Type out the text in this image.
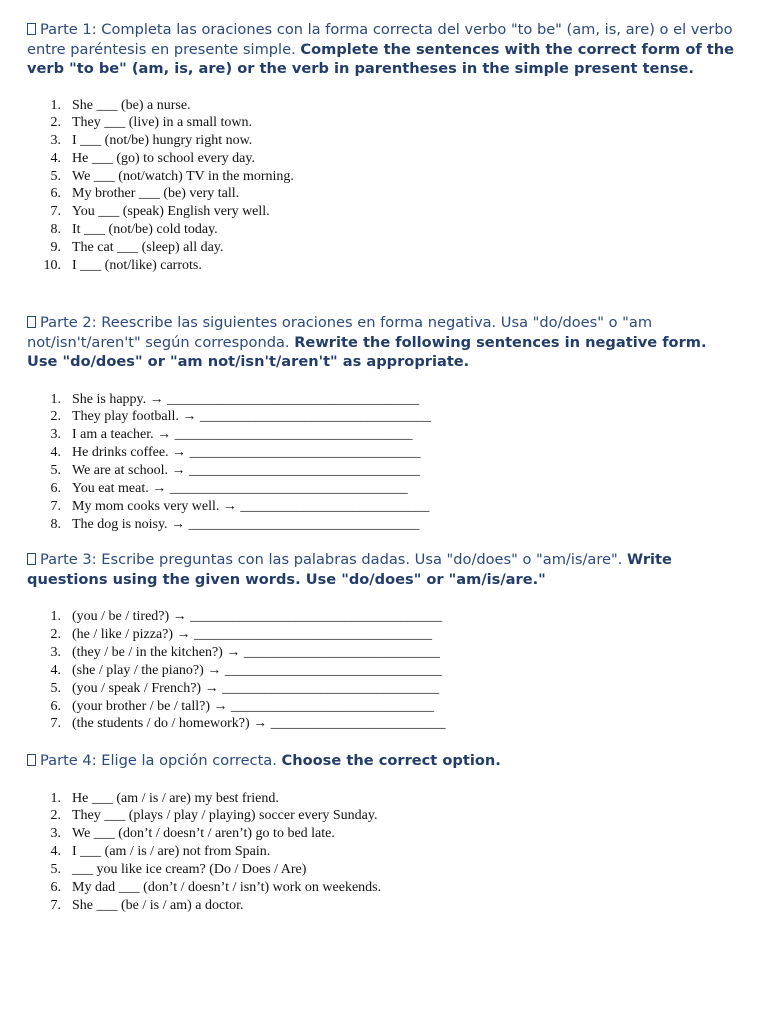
Parte 1: Completa las oraciones con la forma correcta del verbo "to be" (am, is, are) o el verbo entre paréntesis en presente simple. Complete the sentences with the correct form of the verb "to be" (am, is, are) or the verb in parentheses in the simple present tense.

1. She ___ (be) a nurse.
2. They ___ (live) in a small town.
3. I ___ (not/be) hungry right now.
4. He ___ (go) to school every day.
5. We ___ (not/watch) TV in the morning.
6. My brother ___ (be) very tall.
7. You ___ (speak) English very well.
8. It ___ (not/be) cold today.
9. The cat ___ (sleep) all day.
10. I ___ (not/like) carrots.

Parte 2: Reescribe las siguientes oraciones en forma negativa. Usa "do/does" o "am not/isn't/aren't" según corresponda. Rewrite the following sentences in negative form. Use "do/does" or "am not/isn't/aren't" as appropriate.

1. She is happy. → ____________________________________
2. They play football. → _________________________________
3. I am a teacher. → __________________________________
4. He drinks coffee. → _________________________________
5. We are at school. → _________________________________
6. You eat meat. → __________________________________
7. My mom cooks very well. → ___________________________
8. The dog is noisy. → _________________________________

Parte 3: Escribe preguntas con las palabras dadas. Usa "do/does" o "am/is/are". Write questions using the given words. Use "do/does" or "am/is/are."

1. (you / be / tired?) → ____________________________________
2. (he / like / pizza?) → __________________________________
3. (they / be / in the kitchen?) → ____________________________
4. (she / play / the piano?) → _______________________________
5. (you / speak / French?) → _______________________________
6. (your brother / be / tall?) → _____________________________
7. (the students / do / homework?) → _________________________

Parte 4: Elige la opción correcta. Choose the correct option.

1. He ___ (am / is / are) my best friend.
2. They ___ (plays / play / playing) soccer every Sunday.
3. We ___ (don’t / doesn’t / aren’t) go to bed late.
4. I ___ (am / is / are) not from Spain.
5. ___ you like ice cream? (Do / Does / Are)
6. My dad ___ (don’t / doesn’t / isn’t) work on weekends.
7. She ___ (be / is / am) a doctor.
